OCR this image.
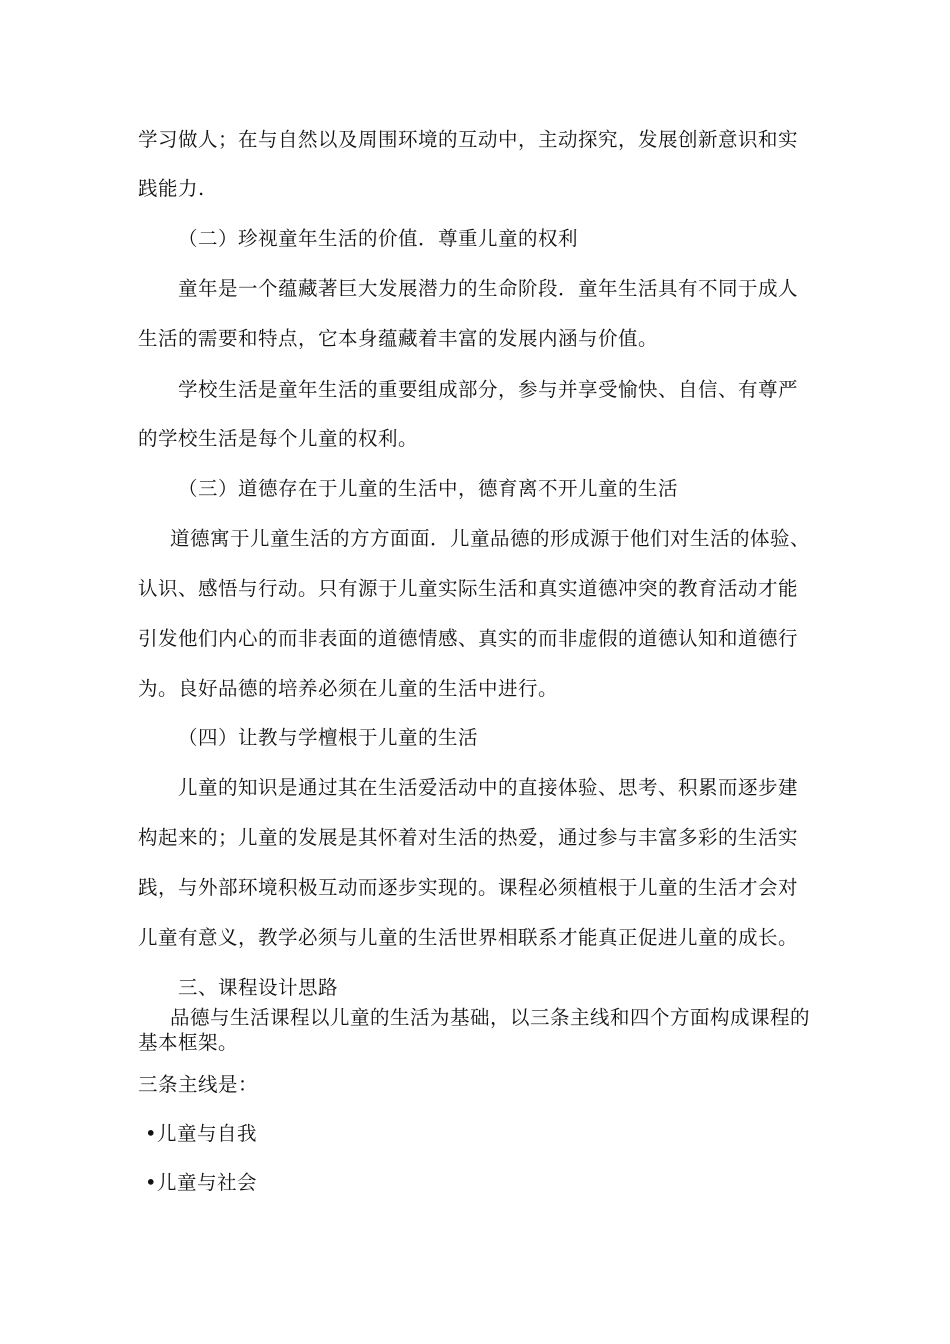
学习做人；在与自然以及周围环境的互动中，主动探究，发展创新意识和实
践能力.
（二）珍视童年生活的价值．尊重儿童的权利
童年是一个蕴藏著巨大发展潜力的生命阶段．童年生活具有不同于成人
生活的需要和特点，它本身蕴藏着丰富的发展内涵与价值。
学校生活是童年生活的重要组成部分，参与并享受愉快、自信、有尊严
的学校生活是每个儿童的权利。
（三）道德存在于儿童的生活中，德育离不开儿童的生活
道德寓于儿童生活的方方面面．儿童品德的形成源于他们对生活的体验、
认识、感悟与行动。只有源于儿童实际生活和真实道德冲突的教育活动才能
引发他们内心的而非表面的道德情感、真实的而非虚假的道德认知和道德行
为。良好品德的培养必须在儿童的生活中进行。
（四）让教与学檀根于儿童的生活
儿童的知识是通过其在生活爱活动中的直接体验、思考、积累而逐步建
构起来的；儿童的发展是其怀着对生活的热爱，通过参与丰富多彩的生活实
践，与外部环境积极互动而逐步实现的。课程必须植根于儿童的生活才会对
儿童有意义，教学必须与儿童的生活世界相联系才能真正促进儿童的成长。
三、课程设计思路
品德与生活课程以儿童的生活为基础，以三条主线和四个方面构成课程的
基本框架。
三条主线是：
•儿童与自我
•儿童与社会
